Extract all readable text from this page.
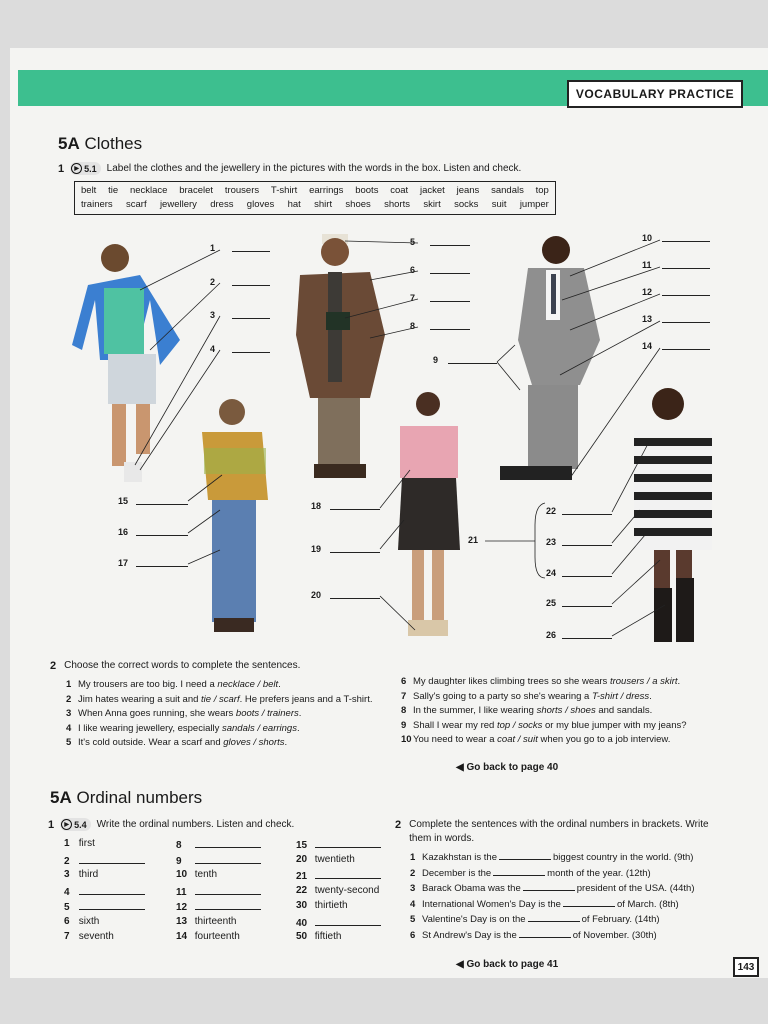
VOCABULARY PRACTICE
5A Clothes
1	▶ 5.1 Label the clothes and the jewellery in the pictures with the words in the box. Listen and check.
belt tie necklace bracelet trousers T-shirt earrings boots coat jacket jeans sandals top
trainers scarf jewellery dress gloves hat shirt shoes shorts skirt socks suit jumper
1
2
3
4
5
6
7
8
9
10
11
12
13
14
15
16
17
18
19
20
21
22
23
24
25
26
2 Choose the correct words to complete the sentences.
1 My trousers are too big. I need a necklace / belt.
2 Jim hates wearing a suit and tie / scarf. He prefers jeans and a T-shirt.
3 When Anna goes running, she wears boots / trainers.
4 I like wearing jewellery, especially sandals / earrings.
5 It's cold outside. Wear a scarf and gloves / shorts.
6 My daughter likes climbing trees so she wears trousers / a skirt.
7 Sally's going to a party so she's wearing a T-shirt / dress.
8 In the summer, I like wearing shorts / shoes and sandals.
9 Shall I wear my red top / socks or my blue jumper with my jeans?
10You need to wear a coat / suit when you go to a job interview.
◀ Go back to page 40
5A Ordinal numbers
1	▶ 5.4 Write the ordinal numbers. Listen and check.
1 first
2
3 third
4
5
6 sixth
7 seventh
8
9
10 tenth
11
12
13 thirteenth
14 fourteenth
15
20 twentieth
21
22 twenty-second
30 thirtieth
40
50 fiftieth
2 Complete the sentences with the ordinal numbers in brackets. Write them in words.
1 Kazakhstan is the	biggest country in the world. (9th)
2 December is the	month of the year. (12th)
3 Barack Obama was the	president of the USA. (44th)
4 International Women's Day is the	of March. (8th)
5 Valentine's Day is on the	of February. (14th)
6 St Andrew's Day is the	of November. (30th)
◀ Go back to page 41	143
